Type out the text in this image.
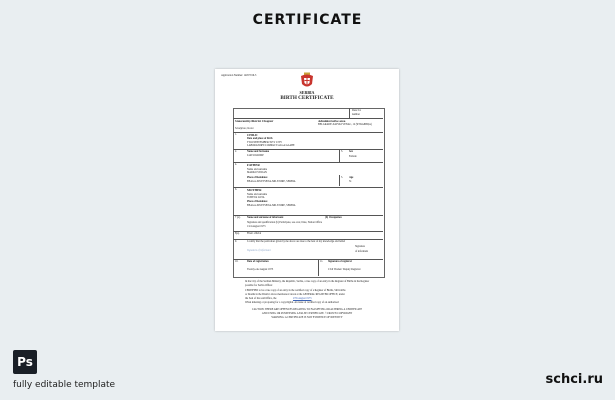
CERTIFICATE
Application Number: 14057019-3
SERBIA
BIRTH CERTIFICATE
Date/ Id.
number
State/entity/district Chapter	Administrative area
BELGRADE-SAVSKI VENAC, 12 (ЧУКАРИЦА)
Saveljevac, Kotor
1.	CHILD
Date and place of birth
TWO/SEPTEMBER/1973/ CITY
LABORATORY/COMPACT/ALGA/ALABE
2.	Name and Surname
LIAVO KRIZIP
3. Sex
Female
4.	FATHER
Name and surname
MARKO STOJAN
Place of Residence
BEAGA-SPLETSENA-MILSTORE, SERBIA
5. Age
31
6.	MOTHER
Name and surname
TONEVA LOTA
Place of Residence
BEAGA-SPLETSENA-MILSTORE, SERBIA
7 (a).	Name and surname of informant	(b) Occupation
Signature and qualification (b) Participate, see over, Date, Nation Office
1/24 August 1973
8(a).	Final/ official
9.	I certify that the particulars given by me above are true to the best of my knowledge and belief
Signature of informant
Signature
of informant
10.	Date of registration
Twenty-one August 1973
11. Signature of registrar
Civil Worker/ Deputy Registrar
In the City of the Serbian Ministry, the Republic, Serbia, a true copy of an entry in the Register of Births in the Register
possible for Serbia Officer
CERTIFIED to be a true copy of an entry in the certified copy of a Register of Births, Still-births
or Deaths in the District above mentioned. Given at the GENERAL REGISTER OFFICE, under
the Seal of the said Office, the	27th August 1973
When indexing or proposing for a copy/digital. An issue of certified copy of an authorized
CAUTION: THERE ARE OFFENCES RELATING TO FALSIFYING OR ALTERING A CERTIFICATE
AND USING OR POSSESSING A FALSE CERTIFICATE. ©CROWN COPYRIGHT
WARNING: A CERTIFICATE IS NOT EVIDENCE OF IDENTITY
Ps
fully editable template	schci.ru
